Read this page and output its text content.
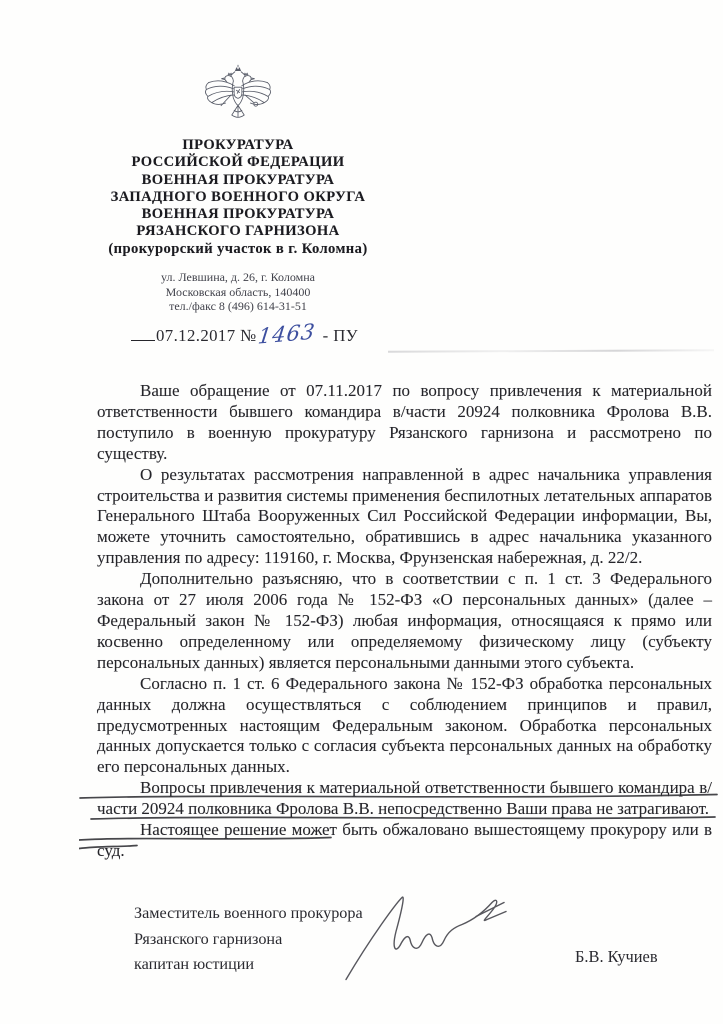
ПРОКУРАТУРА
РОССИЙСКОЙ ФЕДЕРАЦИИ
ВОЕННАЯ ПРОКУРАТУРА
ЗАПАДНОГО ВОЕННОГО ОКРУГА
ВОЕННАЯ ПРОКУРАТУРА
РЯЗАНСКОГО ГАРНИЗОНА
(прокурорский участок в г. Коломна)
ул. Левшина, д. 26, г. Коломна
Московская область, 140400
тел./факс 8 (496) 614-31-51
07.12.2017 №1463 - ПУ

Ваше обращение от 07.11.2017 по вопросу привлечения к материальной ответственности бывшего командира в/части 20924 полковника Фролова В.В. поступило в военную прокуратуру Рязанского гарнизона и рассмотрено по существу.

О результатах рассмотрения направленной в адрес начальника управления строительства и развития системы применения беспилотных летательных аппаратов Генерального Штаба Вооруженных Сил Российской Федерации информации, Вы, можете уточнить самостоятельно, обратившись в адрес начальника указанного управления по адресу: 119160, г. Москва, Фрунзенская набережная, д. 22/2.

Дополнительно разъясняю, что в соответствии с п. 1 ст. 3 Федерального закона от 27 июля 2006 года № 152-ФЗ «О персональных данных» (далее – Федеральный закон № 152-ФЗ) любая информация, относящаяся к прямо или косвенно определенному или определяемому физическому лицу (субъекту персональных данных) является персональными данными этого субъекта.

Согласно п. 1 ст. 6 Федерального закона № 152-ФЗ обработка персональных данных должна осуществляться с соблюдением принципов и правил, предусмотренных настоящим Федеральным законом. Обработка персональных данных допускается только с согласия субъекта персональных данных на обработку его персональных данных.

Вопросы привлечения к материальной ответственности бывшего командира в/части 20924 полковника Фролова В.В. непосредственно Ваши права не затрагивают.

Настоящее решение может быть обжаловано вышестоящему прокурору или в суд.

Заместитель военного прокурора
Рязанского гарнизона
капитан юстиции	Б.В. Кучиев
